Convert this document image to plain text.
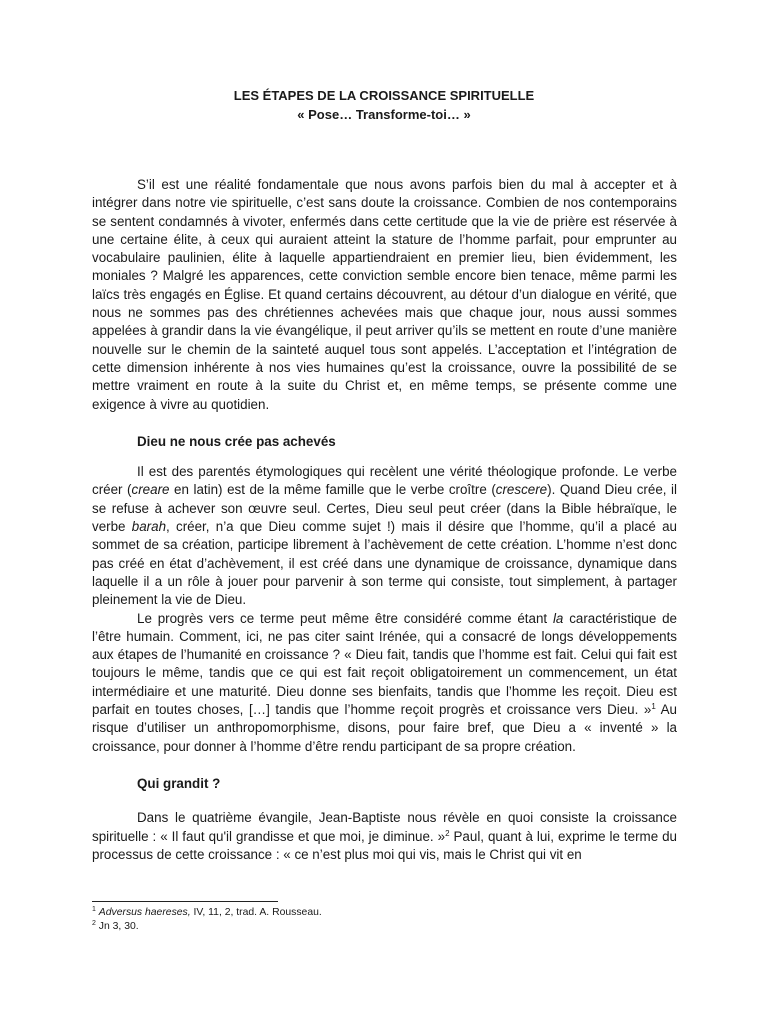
LES ÉTAPES DE LA CROISSANCE SPIRITUELLE
« Pose… Transforme-toi… »

S’il est une réalité fondamentale que nous avons parfois bien du mal à accepter et à intégrer dans notre vie spirituelle, c’est sans doute la croissance. Combien de nos contemporains se sentent condamnés à vivoter, enfermés dans cette certitude que la vie de prière est réservée à une certaine élite, à ceux qui auraient atteint la stature de l’homme parfait, pour emprunter au vocabulaire paulinien, élite à laquelle appartiendraient en premier lieu, bien évidemment, les moniales ? Malgré les apparences, cette conviction semble encore bien tenace, même parmi les laïcs très engagés en Église. Et quand certains découvrent, au détour d’un dialogue en vérité, que nous ne sommes pas des chrétiennes achevées mais que chaque jour, nous aussi sommes appelées à grandir dans la vie évangélique, il peut arriver qu’ils se mettent en route d’une manière nouvelle sur le chemin de la sainteté auquel tous sont appelés. L’acceptation et l’intégration de cette dimension inhérente à nos vies humaines qu’est la croissance, ouvre la possibilité de se mettre vraiment en route à la suite du Christ et, en même temps, se présente comme une exigence à vivre au quotidien.

Dieu ne nous crée pas achevés

Il est des parentés étymologiques qui recèlent une vérité théologique profonde. Le verbe créer (creare en latin) est de la même famille que le verbe croître (crescere). Quand Dieu crée, il se refuse à achever son œuvre seul. Certes, Dieu seul peut créer (dans la Bible hébraïque, le verbe barah, créer, n’a que Dieu comme sujet !) mais il désire que l’homme, qu’il a placé au sommet de sa création, participe librement à l’achèvement de cette création. L’homme n’est donc pas créé en état d’achèvement, il est créé dans une dynamique de croissance, dynamique dans laquelle il a un rôle à jouer pour parvenir à son terme qui consiste, tout simplement, à partager pleinement la vie de Dieu.

Le progrès vers ce terme peut même être considéré comme étant la caractéristique de l’être humain. Comment, ici, ne pas citer saint Irénée, qui a consacré de longs développements aux étapes de l’humanité en croissance ? « Dieu fait, tandis que l’homme est fait. Celui qui fait est toujours le même, tandis que ce qui est fait reçoit obligatoirement un commencement, un état intermédiaire et une maturité. Dieu donne ses bienfaits, tandis que l’homme les reçoit. Dieu est parfait en toutes choses, […] tandis que l’homme reçoit progrès et croissance vers Dieu. »$^1$ Au risque d’utiliser un anthropomorphisme, disons, pour faire bref, que Dieu a « inventé » la croissance, pour donner à l’homme d’être rendu participant de sa propre création.

Qui grandit ?

Dans le quatrième évangile, Jean-Baptiste nous révèle en quoi consiste la croissance spirituelle : « Il faut qu'il grandisse et que moi, je diminue. »$^2$ Paul, quant à lui, exprime le terme du processus de cette croissance : « ce n’est plus moi qui vis, mais le Christ qui vit en

$^1$ Adversus haereses, IV, 11, 2, trad. A. Rousseau.
$^2$ Jn 3, 30.
